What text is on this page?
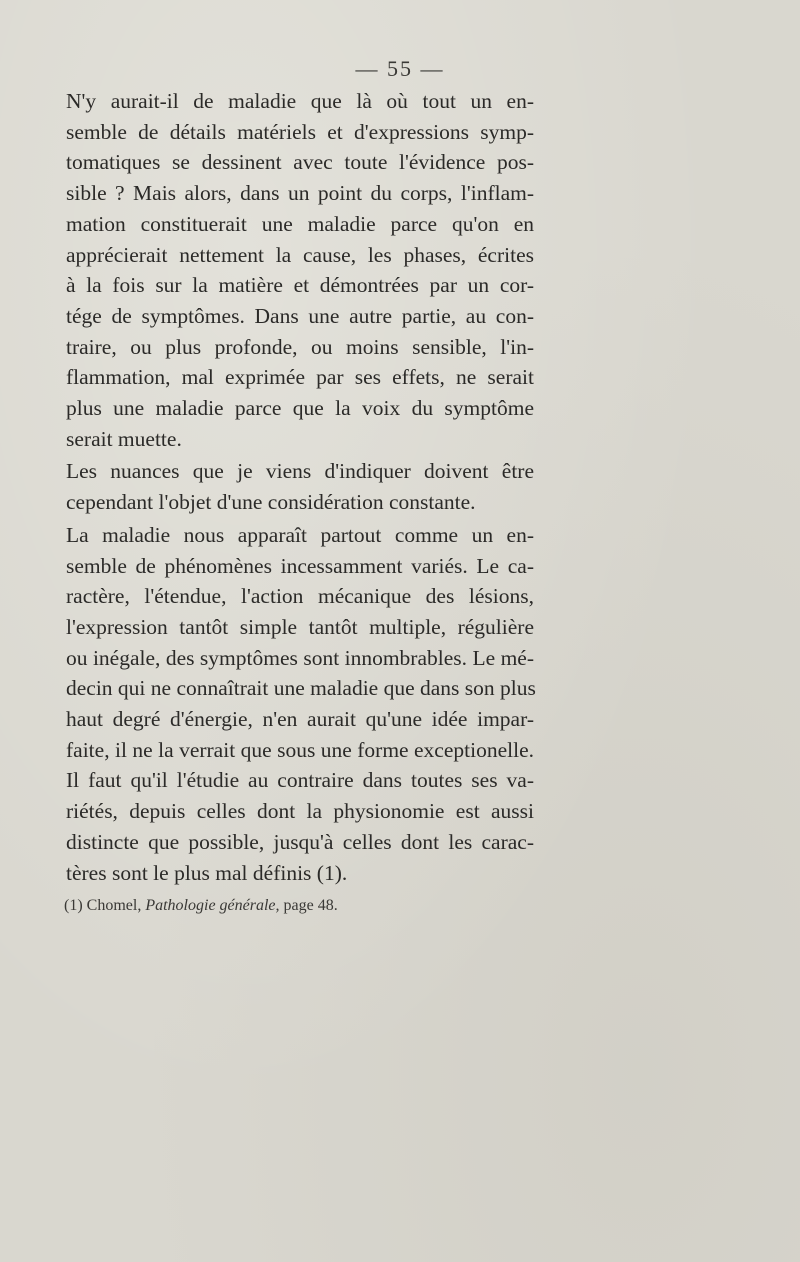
— 55 —

N'y aurait-il de maladie que là où tout un en-
semble de détails matériels et d'expressions symp-
tomatiques se dessinent avec toute l'évidence pos-
sible ? Mais alors, dans un point du corps, l'inflam-
mation constituerait une maladie parce qu'on en
apprécierait nettement la cause, les phases, écrites
à la fois sur la matière et démontrées par un cor-
tége de symptômes. Dans une autre partie, au con-
traire, ou plus profonde, ou moins sensible, l'in-
flammation, mal exprimée par ses effets, ne serait
plus une maladie parce que la voix du symptôme
serait muette.

Les nuances que je viens d'indiquer doivent être
cependant l'objet d'une considération constante.

La maladie nous apparaît partout comme un en-
semble de phénomènes incessamment variés. Le ca-
ractère, l'étendue, l'action mécanique des lésions,
l'expression tantôt simple tantôt multiple, régulière
ou inégale, des symptômes sont innombrables. Le mé-
decin qui ne connaîtrait une maladie que dans son plus
haut degré d'énergie, n'en aurait qu'une idée impar-
faite, il ne la verrait que sous une forme exceptionelle.
Il faut qu'il l'étudie au contraire dans toutes ses va-
riétés, depuis celles dont la physionomie est aussi
distincte que possible, jusqu'à celles dont les carac-
tères sont le plus mal définis (1).

(1) Chomel, Pathologie générale, page 48.
